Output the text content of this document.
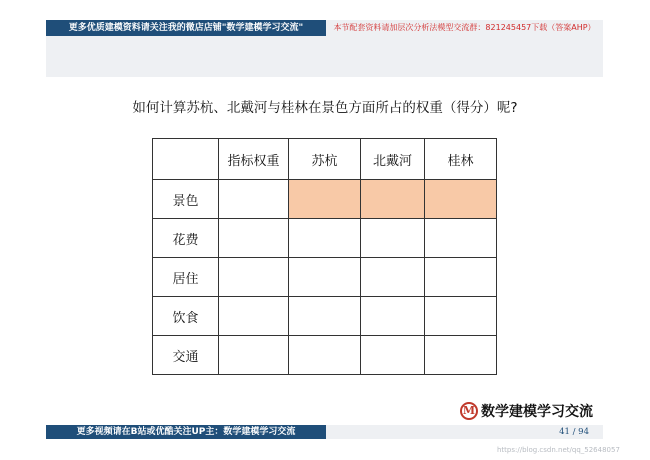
更多优质建模资料请关注我的微店店铺"数学建模学习交流"	本节配套资料请加层次分析法模型交流群：821245457下载（答案AHP）
如何计算苏杭、北戴河与桂林在景色方面所占的权重（得分）呢?
	指标权重	苏杭	北戴河	桂林
景色				
花费				
居住				
饮食				
交通				
M 数学建模学习交流
更多视频请在B站或优酷关注UP主：数学建模学习交流	41 / 94
https://blog.csdn.net/qq_52648057
